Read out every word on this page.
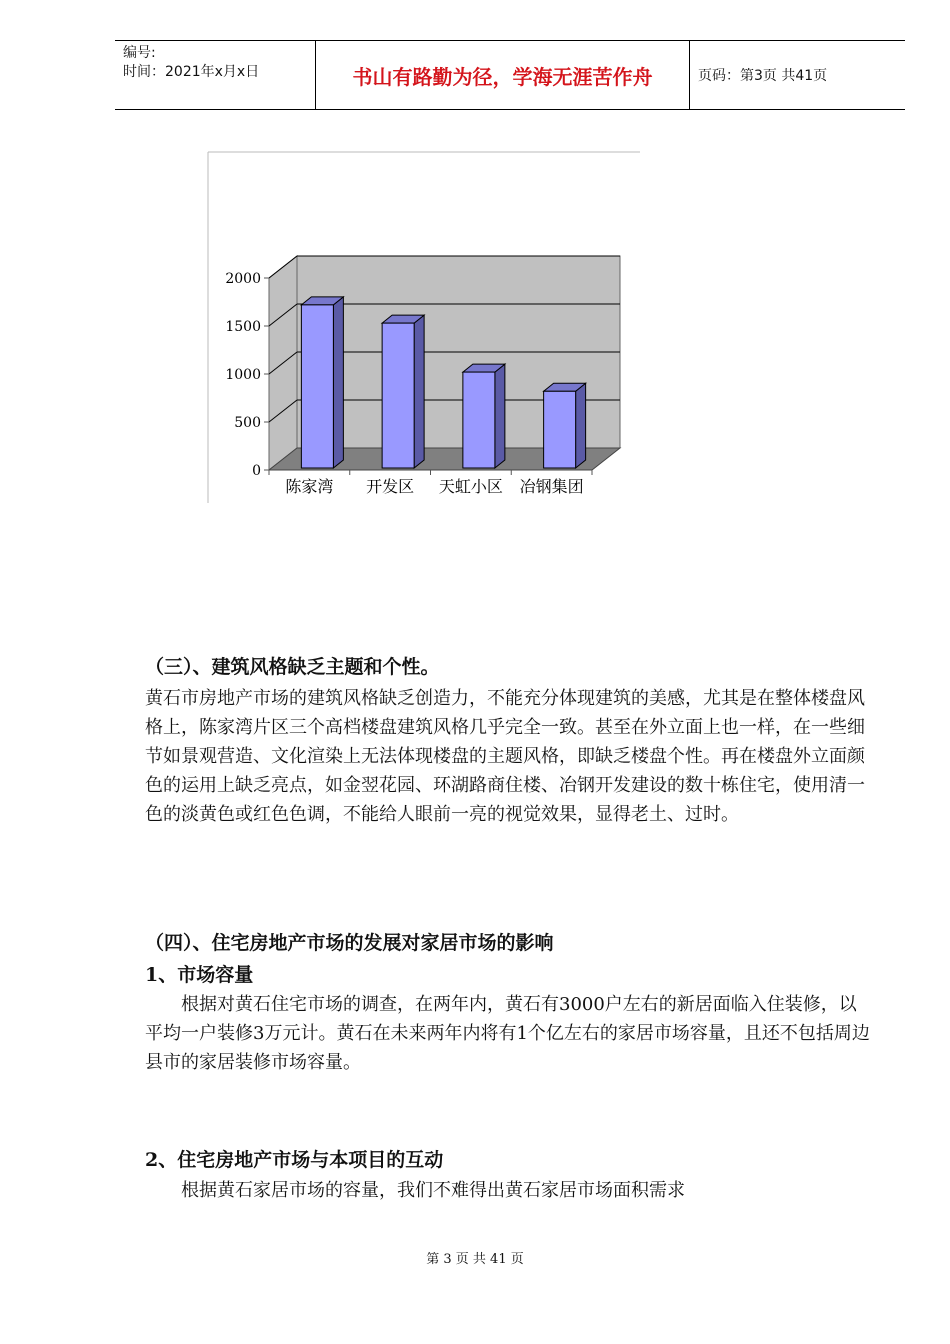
编号:
时间：2021年x月x日	书山有路勤为径，学海无涯苦作舟	页码：第3页 共41页
0
500
1000
1500
2000
陈家湾 开发区 天虹小区 冶钢集团
（三）、建筑风格缺乏主题和个性。

黄石市房地产市场的建筑风格缺乏创造力，不能充分体现建筑的美感，尤其是在整体楼盘风格上，陈家湾片区三个高档楼盘建筑风格几乎完全一致。甚至在外立面上也一样，在一些细节如景观营造、文化渲染上无法体现楼盘的主题风格，即缺乏楼盘个性。再在楼盘外立面颜色的运用上缺乏亮点，如金翌花园、环湖路商住楼、冶钢开发建设的数十栋住宅，使用清一色的淡黄色或红色色调，不能给人眼前一亮的视觉效果，显得老土、过时。

（四）、住宅房地产市场的发展对家居市场的影响
1、市场容量

根据对黄石住宅市场的调查，在两年内，黄石有3000户左右的新居面临入住装修，以平均一户装修3万元计。黄石在未来两年内将有1个亿左右的家居市场容量，且还不包括周边县市的家居装修市场容量。

2、住宅房地产市场与本项目的互动

根据黄石家居市场的容量，我们不难得出黄石家居市场面积需求

第 3 页 共 41 页
